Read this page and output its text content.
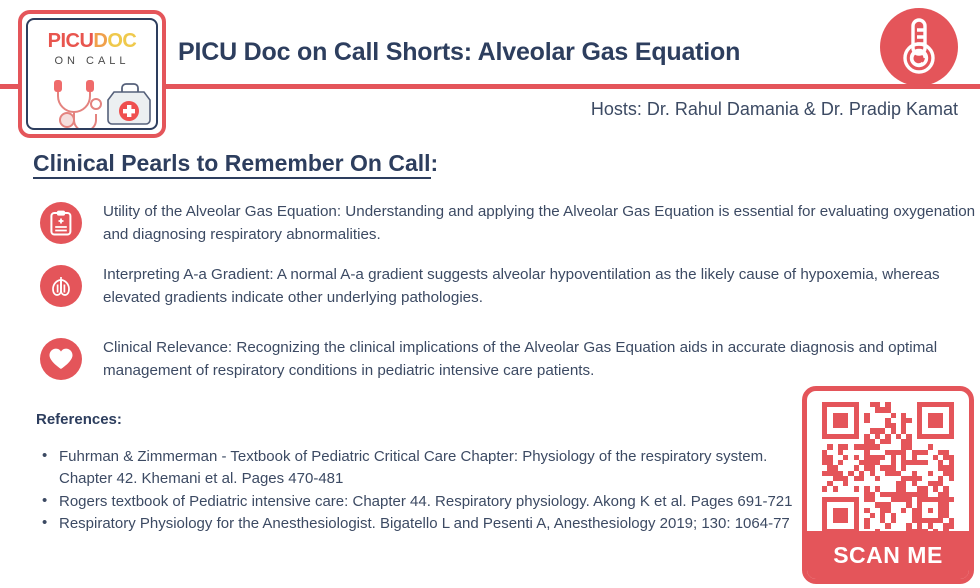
PICUDOC
ON CALL	PICU Doc on Call Shorts: Alveolar Gas Equation
Hosts: Dr. Rahul Damania & Dr. Pradip Kamat
Clinical Pearls to Remember On Call:
Utility of the Alveolar Gas Equation: Understanding and applying the Alveolar Gas Equation is essential for evaluating oxygenation and diagnosing respiratory abnormalities.
Interpreting A-a Gradient: A normal A-a gradient suggests alveolar hypoventilation as the likely cause of hypoxemia, whereas elevated gradients indicate other underlying pathologies.
Clinical Relevance: Recognizing the clinical implications of the Alveolar Gas Equation aids in accurate diagnosis and optimal management of respiratory conditions in pediatric intensive care patients.
References:
• Fuhrman & Zimmerman - Textbook of Pediatric Critical Care Chapter: Physiology of the respiratory system. Chapter 42. Khemani et al. Pages 470-481
• Rogers textbook of Pediatric intensive care: Chapter 44. Respiratory physiology. Akong K et al. Pages 691-721
• Respiratory Physiology for the Anesthesiologist. Bigatello L and Pesenti A, Anesthesiology 2019; 130: 1064-77
SCAN ME
